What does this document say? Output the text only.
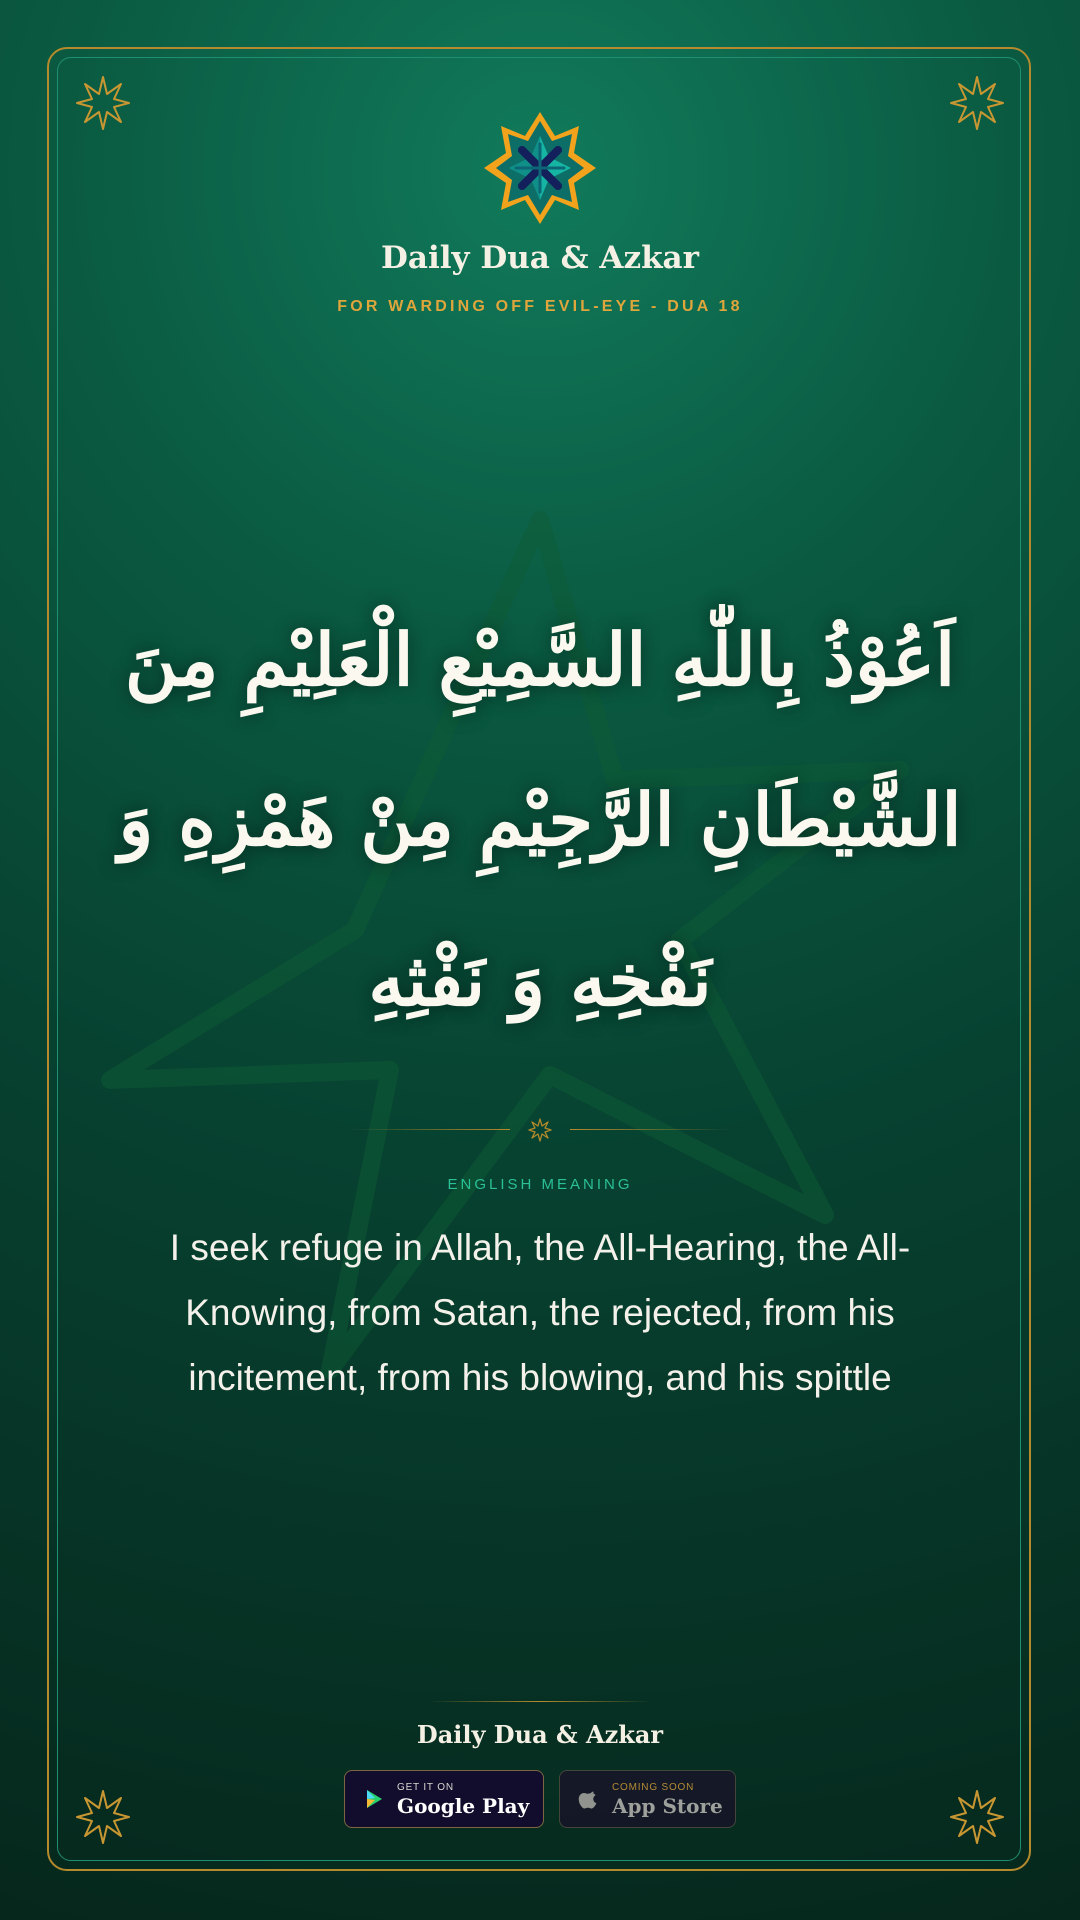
Daily Dua & Azkar
FOR WARDING OFF EVIL-EYE - DUA 18
اَعُوْذُ بِاللّٰهِ السَّمِيْعِ الْعَلِيْمِ مِنَ الشَّيْطَانِ الرَّجِيْمِ مِنْ هَمْزِهِ وَ نَفْخِهِ وَ نَفْثِهِ
ENGLISH MEANING
I seek refuge in Allah, the All-Hearing, the All-Knowing, from Satan, the rejected, from his incitement, from his blowing, and his spittle
Daily Dua & Azkar
GET IT ON
Google Play
COMING SOON
App Store
